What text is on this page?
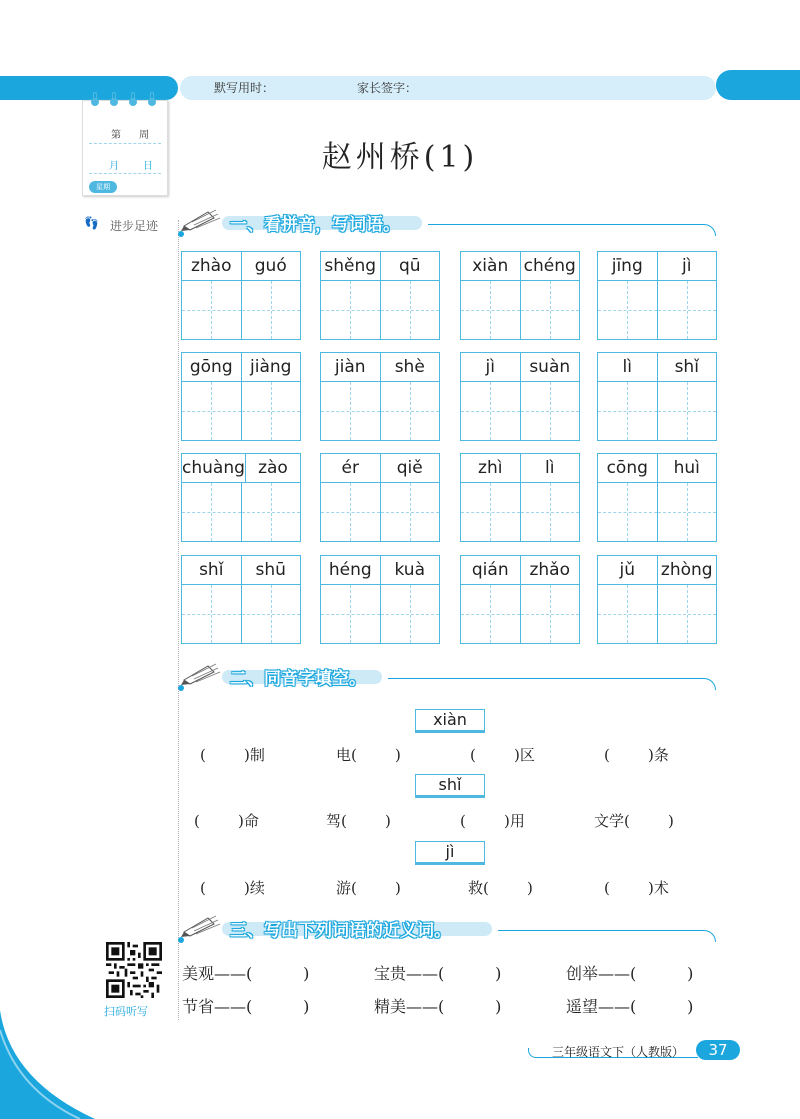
默写用时：	家长签字：
第 周
月 日
星期
👣 进步足迹
赵州桥(1)
一、看拼音，写词语。
zhào	guó	shěng	qū	xiàn chéng	jīng	jì
gōng	jiàng	jiàn	shè	jì	suàn	lì	shǐ
chuàng zào	ér	qiě	zhì	lì	cōng	huì
shǐ	shū	héng	kuà	qián	zhǎo	jǔ	zhòng
二、同音字填空。
xiàn
(        )制	电(        )	(        )区	(        )条
shǐ
(        )命	驾(        )	(        )用	文学(        )
jì
(        )续	游(        )	救(        )	(        )术
三、写出下列词语的近义词。
美观——(          )	宝贵——(          )	创举——(          )
节省——(          )	精美——(          )	遥望——(          )
扫码听写
三年级语文下（人教版）	37
